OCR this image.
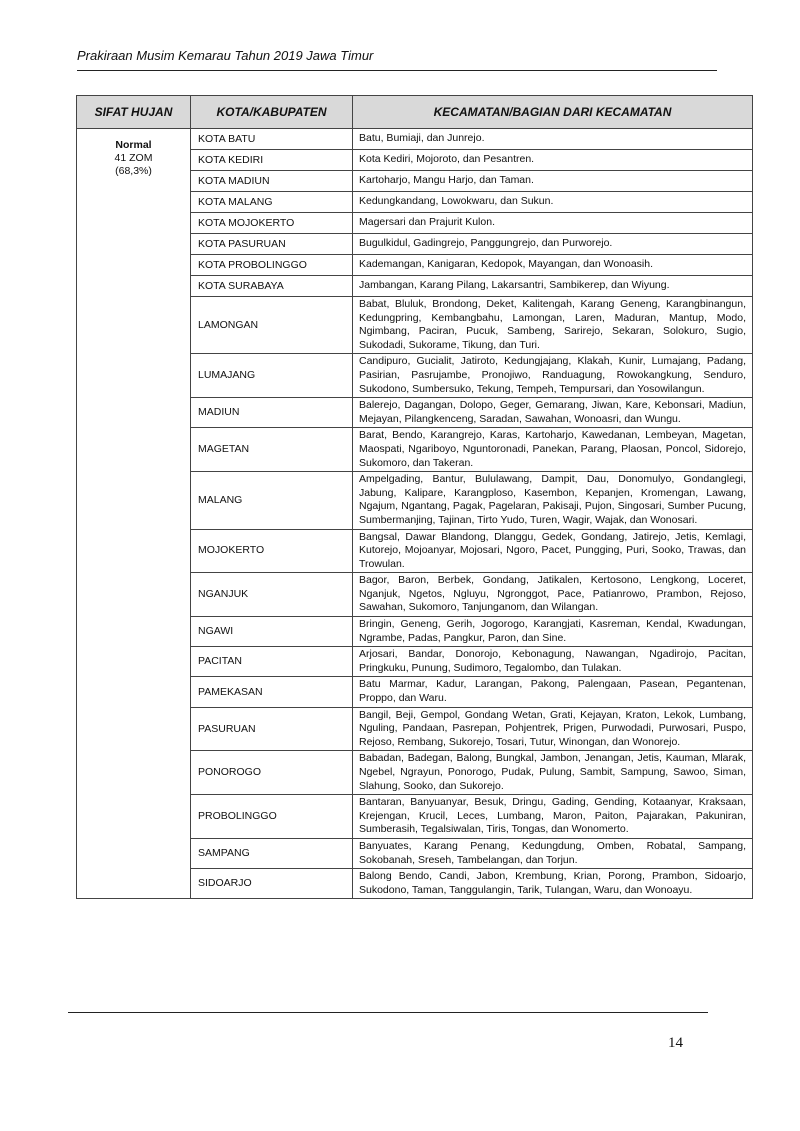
Prakiraan Musim Kemarau Tahun 2019 Jawa Timur
SIFAT HUJAN	KOTA/KABUPATEN	KECAMATAN/BAGIAN DARI KECAMATAN

Normal
41 ZOM
(68,3%)	KOTA BATU	Batu, Bumiaji, dan Junrejo.
	KOTA KEDIRI	Kota Kediri, Mojoroto, dan Pesantren.
	KOTA MADIUN	Kartoharjo, Mangu Harjo, dan Taman.
	KOTA MALANG	Kedungkandang, Lowokwaru, dan Sukun.
	KOTA MOJOKERTO	Magersari dan Prajurit Kulon.
	KOTA PASURUAN	Bugulkidul, Gadingrejo, Panggungrejo, dan Purworejo.
	KOTA PROBOLINGGO	Kademangan, Kanigaran, Kedopok, Mayangan, dan Wonoasih.
	KOTA SURABAYA	Jambangan, Karang Pilang, Lakarsantri, Sambikerep, dan Wiyung.
	LAMONGAN	Babat, Bluluk, Brondong, Deket, Kalitengah, Karang Geneng, Karangbinangun, Kedungpring, Kembangbahu, Lamongan, Laren, Maduran, Mantup, Modo, Ngimbang, Paciran, Pucuk, Sambeng, Sarirejo, Sekaran, Solokuro, Sugio, Sukodadi, Sukorame, Tikung, dan Turi.
	LUMAJANG	Candipuro, Gucialit, Jatiroto, Kedungjajang, Klakah, Kunir, Lumajang, Padang, Pasirian, Pasrujambe, Pronojiwo, Randuagung, Rowokangkung, Senduro, Sukodono, Sumbersuko, Tekung, Tempeh, Tempursari, dan Yosowilangun.
	MADIUN	Balerejo, Dagangan, Dolopo, Geger, Gemarang, Jiwan, Kare, Kebonsari, Madiun, Mejayan, Pilangkenceng, Saradan, Sawahan, Wonoasri, dan Wungu.
	MAGETAN	Barat, Bendo, Karangrejo, Karas, Kartoharjo, Kawedanan, Lembeyan, Magetan, Maospati, Ngariboyo, Nguntoronadi, Panekan, Parang, Plaosan, Poncol, Sidorejo, Sukomoro, dan Takeran.
	MALANG	Ampelgading, Bantur, Bululawang, Dampit, Dau, Donomulyo, Gondanglegi, Jabung, Kalipare, Karangploso, Kasembon, Kepanjen, Kromengan, Lawang, Ngajum, Ngantang, Pagak, Pagelaran, Pakisaji, Pujon, Singosari, Sumber Pucung, Sumbermanjing, Tajinan, Tirto Yudo, Turen, Wagir, Wajak, dan Wonosari.
	MOJOKERTO	Bangsal, Dawar Blandong, Dlanggu, Gedek, Gondang, Jatirejo, Jetis, Kemlagi, Kutorejo, Mojoanyar, Mojosari, Ngoro, Pacet, Pungging, Puri, Sooko, Trawas, dan Trowulan.
	NGANJUK	Bagor, Baron, Berbek, Gondang, Jatikalen, Kertosono, Lengkong, Loceret, Nganjuk, Ngetos, Ngluyu, Ngronggot, Pace, Patianrowo, Prambon, Rejoso, Sawahan, Sukomoro, Tanjunganom, dan Wilangan.
	NGAWI	Bringin, Geneng, Gerih, Jogorogo, Karangjati, Kasreman, Kendal, Kwadungan, Ngrambe, Padas, Pangkur, Paron, dan Sine.
	PACITAN	Arjosari, Bandar, Donorojo, Kebonagung, Nawangan, Ngadirojo, Pacitan, Pringkuku, Punung, Sudimoro, Tegalombo, dan Tulakan.
	PAMEKASAN	Batu Marmar, Kadur, Larangan, Pakong, Palengaan, Pasean, Pegantenan, Proppo, dan Waru.
	PASURUAN	Bangil, Beji, Gempol, Gondang Wetan, Grati, Kejayan, Kraton, Lekok, Lumbang, Nguling, Pandaan, Pasrepan, Pohjentrek, Prigen, Purwodadi, Purwosari, Puspo, Rejoso, Rembang, Sukorejo, Tosari, Tutur, Winongan, dan Wonorejo.
	PONOROGO	Babadan, Badegan, Balong, Bungkal, Jambon, Jenangan, Jetis, Kauman, Mlarak, Ngebel, Ngrayun, Ponorogo, Pudak, Pulung, Sambit, Sampung, Sawoo, Siman, Slahung, Sooko, dan Sukorejo.
	PROBOLINGGO	Bantaran, Banyuanyar, Besuk, Dringu, Gading, Gending, Kotaanyar, Kraksaan, Krejengan, Krucil, Leces, Lumbang, Maron, Paiton, Pajarakan, Pakuniran, Sumberasih, Tegalsiwalan, Tiris, Tongas, dan Wonomerto.
	SAMPANG	Banyuates, Karang Penang, Kedungdung, Omben, Robatal, Sampang, Sokobanah, Sreseh, Tambelangan, dan Torjun.
	SIDOARJO	Balong Bendo, Candi, Jabon, Krembung, Krian, Porong, Prambon, Sidoarjo, Sukodono, Taman, Tanggulangin, Tarik, Tulangan, Waru, dan Wonoayu.
14
